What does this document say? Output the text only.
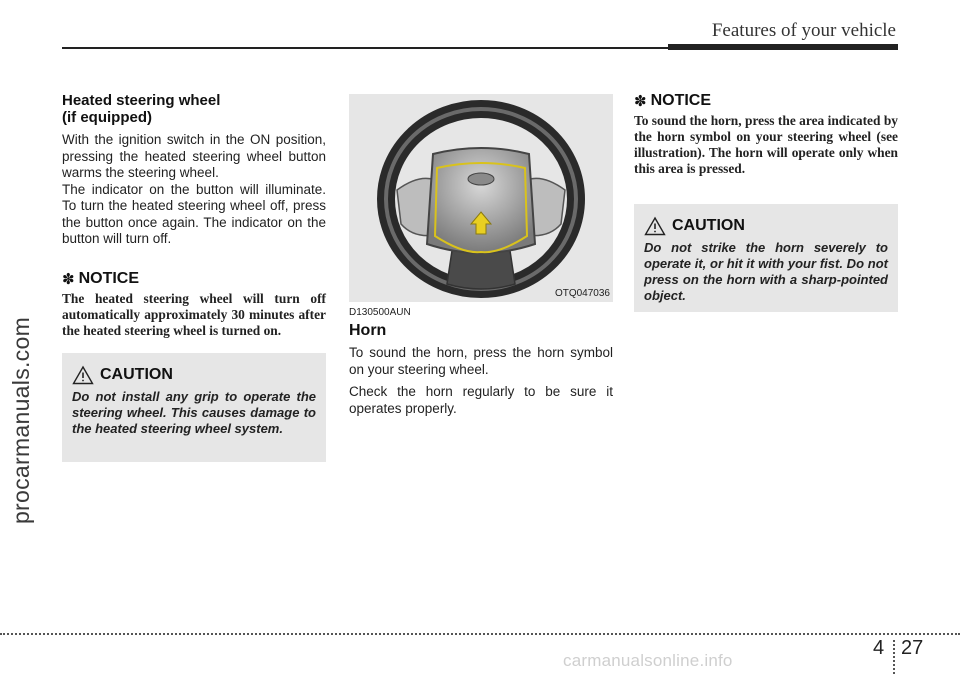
Features of your vehicle
procarmanuals.com
Heated steering wheel
(if equipped)

With the ignition switch in the ON position, pressing the heated steering wheel button warms the steering wheel.

The indicator on the button will illuminate. To turn the heated steering wheel off, press the button once again. The indicator on the button will turn off.

✽ NOTICE

The heated steering wheel will turn off automatically approximately 30 minutes after the heated steering wheel is turned on.

CAUTION

Do not install any grip to operate the steering wheel. This causes damage to the heated steering wheel system.

OTQ047036
D130500AUN
Horn

To sound the horn, press the horn symbol on your steering wheel.

Check the horn regularly to be sure it operates properly.

✽ NOTICE

To sound the horn, press the area indicated by the horn symbol on your steering wheel (see illustration). The horn will operate only when this area is pressed.

CAUTION

Do not strike the horn severely to operate it, or hit it with your fist. Do not press on the horn with a sharp-pointed object.

4 27
carmanualsonline.info
